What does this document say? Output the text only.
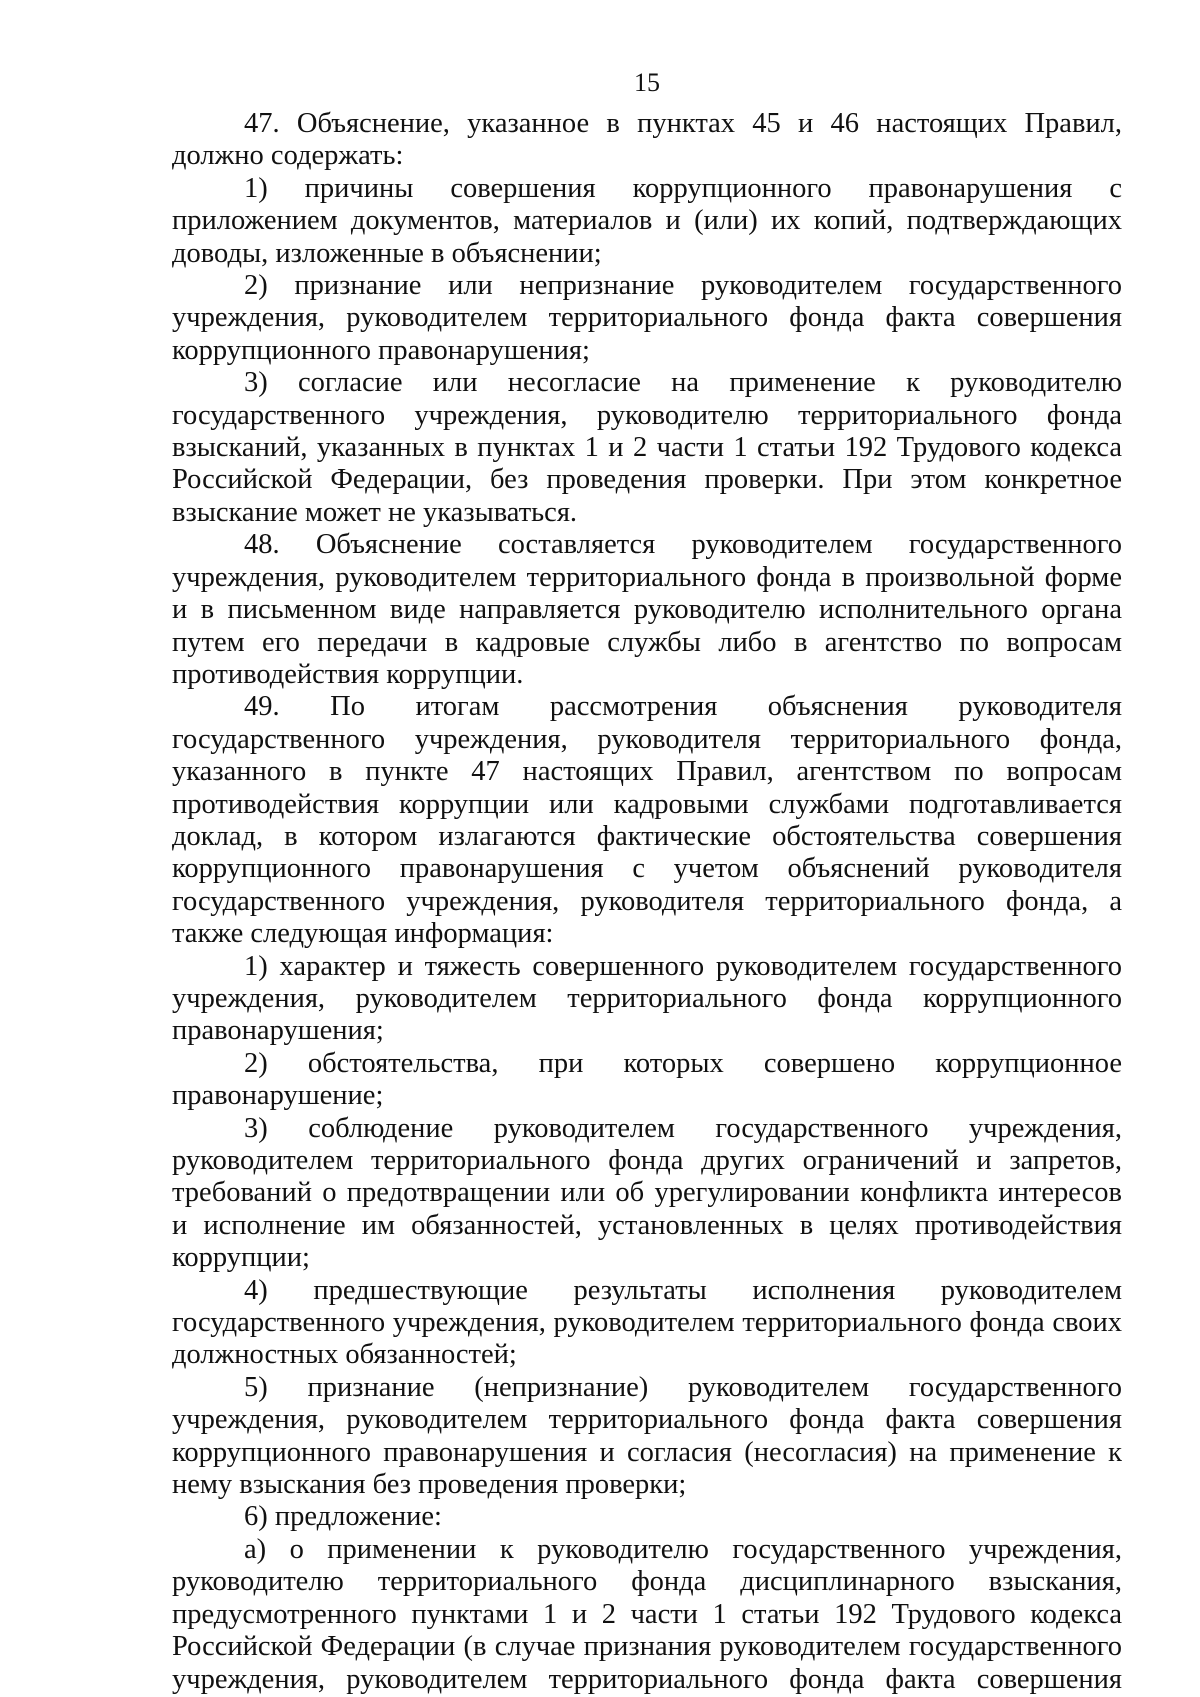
15

47. Объяснение, указанное в пунктах 45 и 46 настоящих Правил, должно содержать:

1) причины совершения коррупционного правонарушения с приложением документов, материалов и (или) их копий, подтверждающих доводы, изложенные в объяснении;

2) признание или непризнание руководителем государственного учреждения, руководителем территориального фонда факта совершения коррупционного правонарушения;

3) согласие или несогласие на применение к руководителю государственного учреждения, руководителю территориального фонда взысканий, указанных в пунктах 1 и 2 части 1 статьи 192 Трудового кодекса Российской Федерации, без проведения проверки. При этом конкретное взыскание может не указываться.

48. Объяснение составляется руководителем государственного учреждения, руководителем территориального фонда в произвольной форме и в письменном виде направляется руководителю исполнительного органа путем его передачи в кадровые службы либо в агентство по вопросам противодействия коррупции.

49. По итогам рассмотрения объяснения руководителя государственного учреждения, руководителя территориального фонда, указанного в пункте 47 настоящих Правил, агентством по вопросам противодействия коррупции или кадровыми службами подготавливается доклад, в котором излагаются фактические обстоятельства совершения коррупционного правонарушения с учетом объяснений руководителя государственного учреждения, руководителя территориального фонда, а также следующая информация:

1) характер и тяжесть совершенного руководителем государственного учреждения, руководителем территориального фонда коррупционного правонарушения;

2) обстоятельства, при которых совершено коррупционное правонарушение;

3) соблюдение руководителем государственного учреждения, руководителем территориального фонда других ограничений и запретов, требований о предотвращении или об урегулировании конфликта интересов и исполнение им обязанностей, установленных в целях противодействия коррупции;

4) предшествующие результаты исполнения руководителем государственного учреждения, руководителем территориального фонда своих должностных обязанностей;

5) признание (непризнание) руководителем государственного учреждения, руководителем территориального фонда факта совершения коррупционного правонарушения и согласия (несогласия) на применение к нему взыскания без проведения проверки;

6) предложение:

а) о применении к руководителю государственного учреждения, руководителю территориального фонда дисциплинарного взыскания, предусмотренного пунктами 1 и 2 части 1 статьи 192 Трудового кодекса Российской Федерации (в случае признания руководителем государственного учреждения, руководителем территориального фонда факта совершения
